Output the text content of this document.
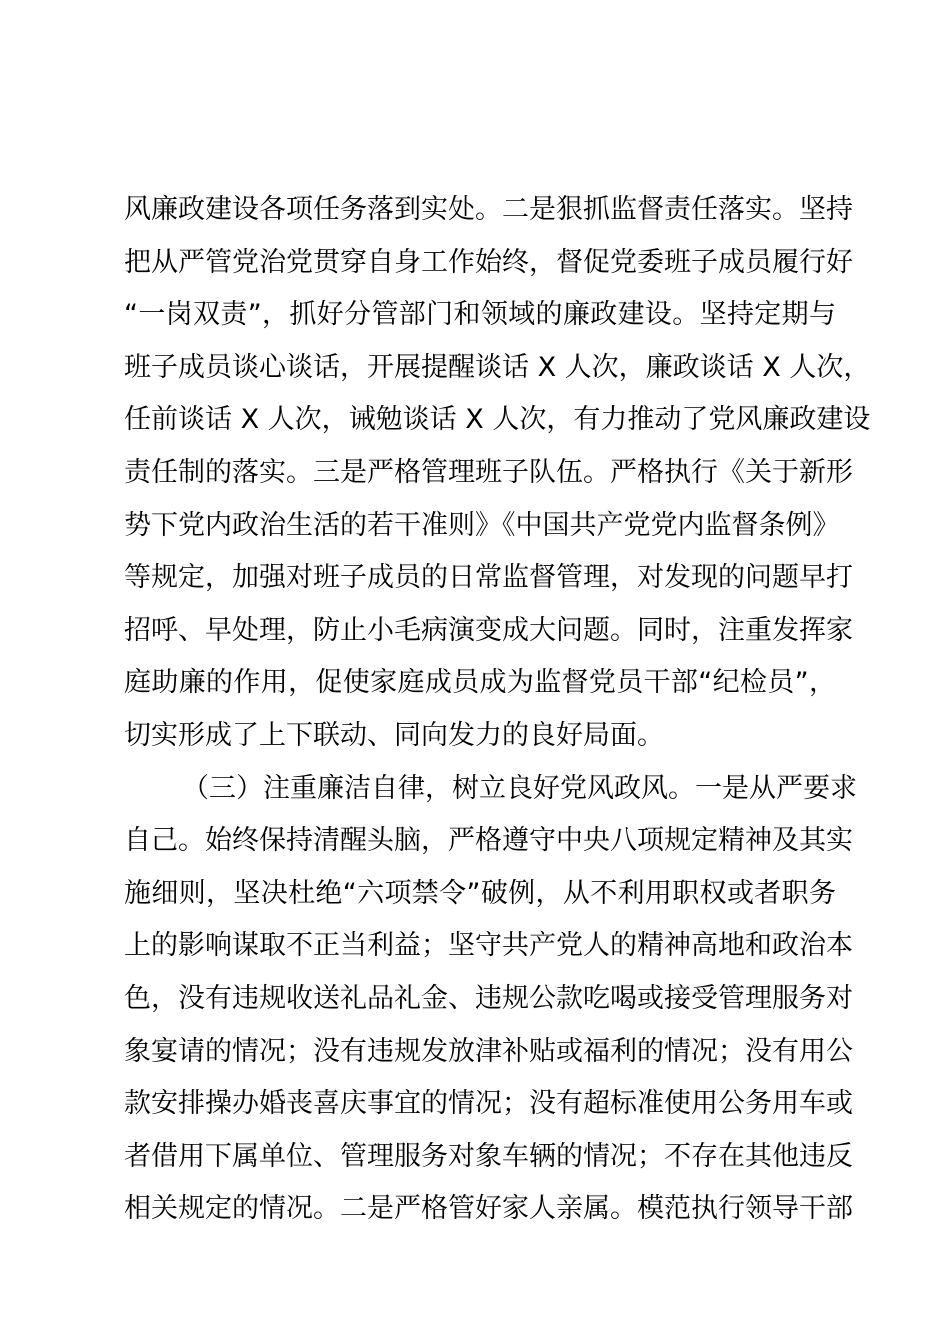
风廉政建设各项任务落到实处。二是狠抓监督责任落实。坚持
把从严管党治党贯穿自身工作始终，督促党委班子成员履行好
“一岗双责”，抓好分管部门和领域的廉政建设。坚持定期与
班子成员谈心谈话，开展提醒谈话 X 人次，廉政谈话 X 人次，
任前谈话 X 人次，诫勉谈话 X 人次，有力推动了党风廉政建设
责任制的落实。三是严格管理班子队伍。严格执行《关于新形
势下党内政治生活的若干准则》《中国共产党党内监督条例》
等规定，加强对班子成员的日常监督管理，对发现的问题早打
招呼、早处理，防止小毛病演变成大问题。同时，注重发挥家
庭助廉的作用，促使家庭成员成为监督党员干部“纪检员”，
切实形成了上下联动、同向发力的良好局面。
（三）注重廉洁自律，树立良好党风政风。一是从严要求
自己。始终保持清醒头脑，严格遵守中央八项规定精神及其实
施细则，坚决杜绝“六项禁令”破例，从不利用职权或者职务
上的影响谋取不正当利益；坚守共产党人的精神高地和政治本
色，没有违规收送礼品礼金、违规公款吃喝或接受管理服务对
象宴请的情况；没有违规发放津补贴或福利的情况；没有用公
款安排操办婚丧喜庆事宜的情况；没有超标准使用公务用车或
者借用下属单位、管理服务对象车辆的情况；不存在其他违反
相关规定的情况。二是严格管好家人亲属。模范执行领导干部
